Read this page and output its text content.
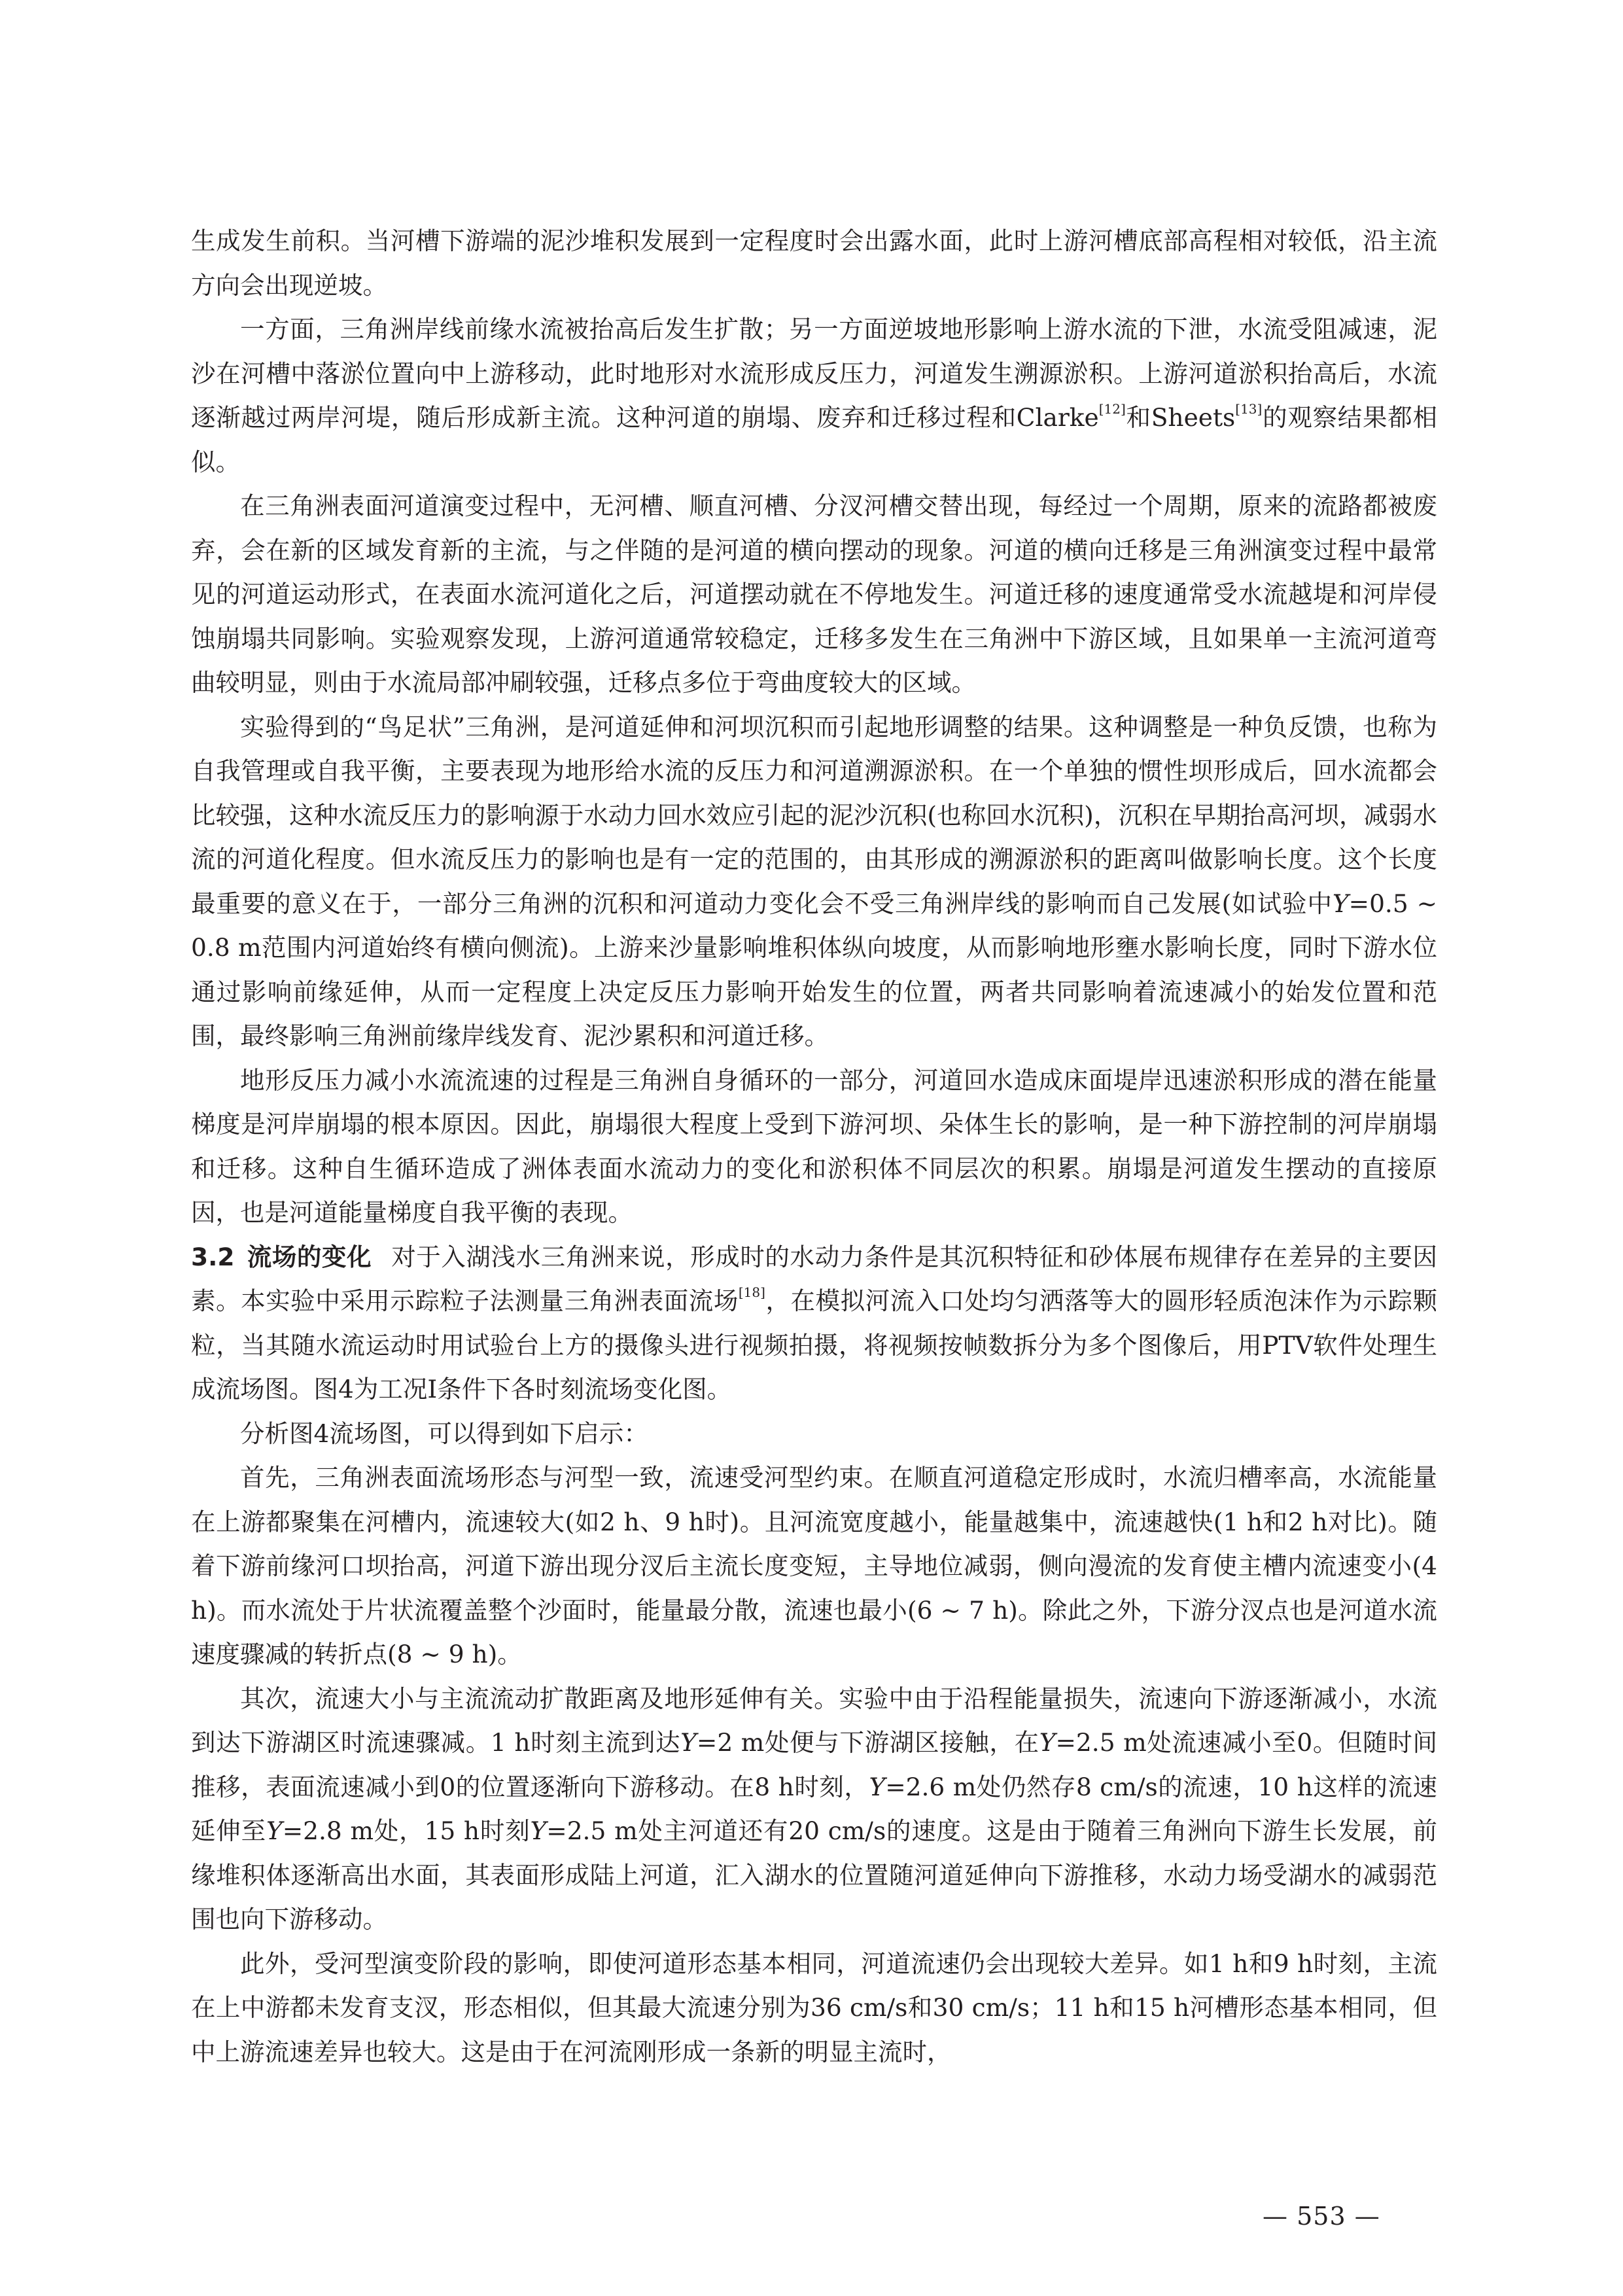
生成发生前积。当河槽下游端的泥沙堆积发展到一定程度时会出露水面，此时上游河槽底部高程相对较低，沿主流方向会出现逆坡。

一方面，三角洲岸线前缘水流被抬高后发生扩散；另一方面逆坡地形影响上游水流的下泄，水流受阻减速，泥沙在河槽中落淤位置向中上游移动，此时地形对水流形成反压力，河道发生溯源淤积。上游河道淤积抬高后，水流逐渐越过两岸河堤，随后形成新主流。这种河道的崩塌、废弃和迁移过程和Clarke[12]和Sheets[13]的观察结果都相似。

在三角洲表面河道演变过程中，无河槽、顺直河槽、分汊河槽交替出现，每经过一个周期，原来的流路都被废弃，会在新的区域发育新的主流，与之伴随的是河道的横向摆动的现象。河道的横向迁移是三角洲演变过程中最常见的河道运动形式，在表面水流河道化之后，河道摆动就在不停地发生。河道迁移的速度通常受水流越堤和河岸侵蚀崩塌共同影响。实验观察发现，上游河道通常较稳定，迁移多发生在三角洲中下游区域，且如果单一主流河道弯曲较明显，则由于水流局部冲刷较强，迁移点多位于弯曲度较大的区域。

实验得到的“鸟足状”三角洲，是河道延伸和河坝沉积而引起地形调整的结果。这种调整是一种负反馈，也称为自我管理或自我平衡，主要表现为地形给水流的反压力和河道溯源淤积。在一个单独的惯性坝形成后，回水流都会比较强，这种水流反压力的影响源于水动力回水效应引起的泥沙沉积(也称回水沉积)，沉积在早期抬高河坝，减弱水流的河道化程度。但水流反压力的影响也是有一定的范围的，由其形成的溯源淤积的距离叫做影响长度。这个长度最重要的意义在于，一部分三角洲的沉积和河道动力变化会不受三角洲岸线的影响而自己发展(如试验中Y=0.5 ~ 0.8 m范围内河道始终有横向侧流)。上游来沙量影响堆积体纵向坡度，从而影响地形壅水影响长度，同时下游水位通过影响前缘延伸，从而一定程度上决定反压力影响开始发生的位置，两者共同影响着流速减小的始发位置和范围，最终影响三角洲前缘岸线发育、泥沙累积和河道迁移。

地形反压力减小水流流速的过程是三角洲自身循环的一部分，河道回水造成床面堤岸迅速淤积形成的潜在能量梯度是河岸崩塌的根本原因。因此，崩塌很大程度上受到下游河坝、朵体生长的影响，是一种下游控制的河岸崩塌和迁移。这种自生循环造成了洲体表面水流动力的变化和淤积体不同层次的积累。崩塌是河道发生摆动的直接原因，也是河道能量梯度自我平衡的表现。

3.2 流场的变化 对于入湖浅水三角洲来说，形成时的水动力条件是其沉积特征和砂体展布规律存在差异的主要因素。本实验中采用示踪粒子法测量三角洲表面流场[18]，在模拟河流入口处均匀洒落等大的圆形轻质泡沫作为示踪颗粒，当其随水流运动时用试验台上方的摄像头进行视频拍摄，将视频按帧数拆分为多个图像后，用PTV软件处理生成流场图。图4为工况I条件下各时刻流场变化图。

分析图4流场图，可以得到如下启示：

首先，三角洲表面流场形态与河型一致，流速受河型约束。在顺直河道稳定形成时，水流归槽率高，水流能量在上游都聚集在河槽内，流速较大(如2 h、9 h时)。且河流宽度越小，能量越集中，流速越快(1 h和2 h对比)。随着下游前缘河口坝抬高，河道下游出现分汊后主流长度变短，主导地位减弱，侧向漫流的发育使主槽内流速变小(4 h)。而水流处于片状流覆盖整个沙面时，能量最分散，流速也最小(6 ~ 7 h)。除此之外，下游分汊点也是河道水流速度骤减的转折点(8 ~ 9 h)。

其次，流速大小与主流流动扩散距离及地形延伸有关。实验中由于沿程能量损失，流速向下游逐渐减小，水流到达下游湖区时流速骤减。1 h时刻主流到达Y=2 m处便与下游湖区接触，在Y=2.5 m处流速减小至0。但随时间推移，表面流速减小到0的位置逐渐向下游移动。在8 h时刻，Y=2.6 m处仍然存8 cm/s的流速，10 h这样的流速延伸至Y=2.8 m处，15 h时刻Y=2.5 m处主河道还有20 cm/s的速度。这是由于随着三角洲向下游生长发展，前缘堆积体逐渐高出水面，其表面形成陆上河道，汇入湖水的位置随河道延伸向下游推移，水动力场受湖水的减弱范围也向下游移动。

此外，受河型演变阶段的影响，即使河道形态基本相同，河道流速仍会出现较大差异。如1 h和9 h时刻，主流在上中游都未发育支汊，形态相似，但其最大流速分别为36 cm/s和30 cm/s；11 h和15 h河槽形态基本相同，但中上游流速差异也较大。这是由于在河流刚形成一条新的明显主流时，

— 553 —
